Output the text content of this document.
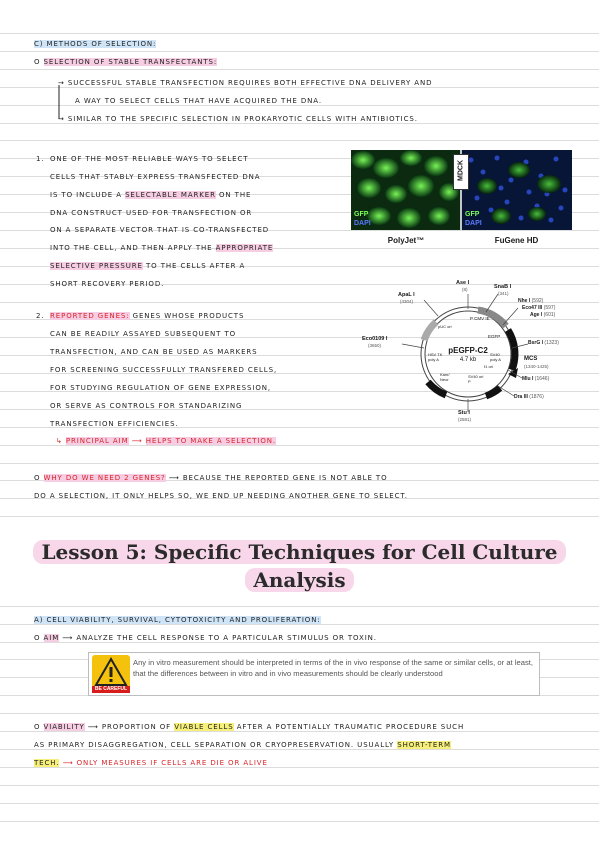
C) METHODS OF SELECTION:
O SELECTION OF STABLE TRANSFECTANTS:
→ SUCCESSFUL STABLE TRANSFECTION REQUIRES BOTH EFFECTIVE DNA DELIVERY AND
A WAY TO SELECT CELLS THAT HAVE ACQUIRED THE DNA.
→ SIMILAR TO THE SPECIFIC SELECTION IN PROKARYOTIC CELLS WITH ANTIBIOTICS.
1. ONE OF THE MOST RELIABLE WAYS TO SELECT
CELLS THAT STABLY EXPRESS TRANSFECTED DNA
IS TO INCLUDE A SELECTABLE MARKER ON THE
DNA CONSTRUCT USED FOR TRANSFECTION OR
ON A SEPARATE VECTOR THAT IS CO-TRANSFECTED
INTO THE CELL, AND THEN APPLY THE APPROPRIATE
SELECTIVE PRESSURE TO THE CELLS AFTER A
SHORT RECOVERY PERIOD.
MDCK
GFP
DAPI
GFP
DAPI
PolyJet™	FuGene HD
2. REPORTED GENES: GENES WHOSE PRODUCTS
CAN BE READILY ASSAYED SUBSEQUENT TO
TRANSFECTION, AND CAN BE USED AS MARKERS
FOR SCREENING SUCCESSFULLY TRANSFERED CELLS,
FOR STUDYING REGULATION OF GENE EXPRESSION,
OR SERVE AS CONTROLS FOR STANDARIZING
TRANSFECTION EFFICIENCIES.
↳ PRINCIPAL AIM ⟶ HELPS TO MAKE A SELECTION.
pEGFP-C2
4.7 kb
Ase I
(8)	SnaB I
(341)
Nhe I (592)
Eco47 III (597)
Age I (601)
ApaL I
(4304)
BsrG I (1323)
MCS
(1340-1425)
Mlu I (1646)
Dra III (1876)
Stu I
(2581)
Eco0109 I
(3650)
P CMV IE
EGFP
pUC ori
HSV TK poly A
Kanr/ Neor
SV40 ori P
SV40 poly A
f1 ori
O WHY DO WE NEED 2 GENES? ⟶ BECAUSE THE REPORTED GENE IS NOT ABLE TO
DO A SELECTION, IT ONLY HELPS SO, WE END UP NEEDING ANOTHER GENE TO SELECT.
Lesson 5: Specific Techniques for Cell Culture
Analysis
A) CELL VIABILITY, SURVIVAL, CYTOTOXICITY AND PROLIFERATION:
O AIM ⟶ ANALYZE THE CELL RESPONSE TO A PARTICULAR STIMULUS OR TOXIN.
BE CAREFUL
Any in vitro measurement should be interpreted in terms of the in vivo response of the same or similar cells, or at least, that the differences between in vitro and in vivo measurements should be clearly understood
O VIABILITY ⟶ PROPORTION OF VIABLE CELLS AFTER A POTENTIALLY TRAUMATIC PROCEDURE SUCH
AS PRIMARY DISAGGREGATION, CELL SEPARATION OR CRYOPRESERVATION. USUALLY SHORT-TERM
TECH. ⟶ ONLY MEASURES IF CELLS ARE DIE OR ALIVE
